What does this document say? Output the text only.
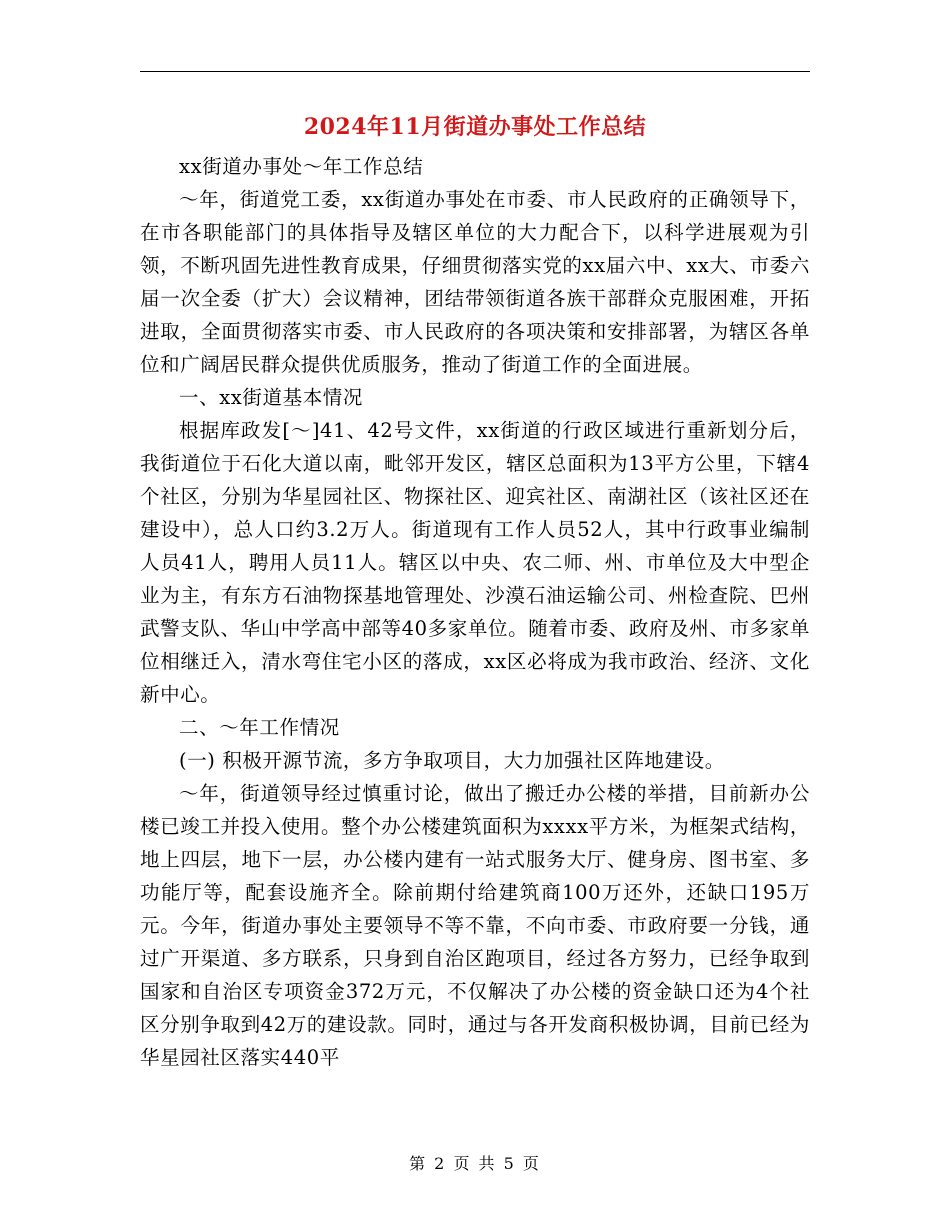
2024年11月街道办事处工作总结

xx街道办事处～年工作总结

～年，街道党工委，xx街道办事处在市委、市人民政府的正确领导下，在市各职能部门的具体指导及辖区单位的大力配合下，以科学进展观为引领，不断巩固先进性教育成果，仔细贯彻落实党的xx届六中、xx大、市委六届一次全委（扩大）会议精神，团结带领街道各族干部群众克服困难，开拓进取，全面贯彻落实市委、市人民政府的各项决策和安排部署，为辖区各单位和广阔居民群众提供优质服务，推动了街道工作的全面进展。

一、xx街道基本情况

根据库政发[～]41、42号文件，xx街道的行政区域进行重新划分后，我街道位于石化大道以南，毗邻开发区，辖区总面积为13平方公里，下辖4个社区，分别为华星园社区、物探社区、迎宾社区、南湖社区（该社区还在建设中），总人口约3.2万人。街道现有工作人员52人，其中行政事业编制人员41人，聘用人员11人。辖区以中央、农二师、州、市单位及大中型企业为主，有东方石油物探基地管理处、沙漠石油运输公司、州检查院、巴州武警支队、华山中学高中部等40多家单位。随着市委、政府及州、市多家单位相继迁入，清水弯住宅小区的落成，xx区必将成为我市政治、经济、文化新中心。

二、～年工作情况

(一) 积极开源节流，多方争取项目，大力加强社区阵地建设。

～年，街道领导经过慎重讨论，做出了搬迁办公楼的举措，目前新办公楼已竣工并投入使用。整个办公楼建筑面积为xxxx平方米，为框架式结构，地上四层，地下一层，办公楼内建有一站式服务大厅、健身房、图书室、多功能厅等，配套设施齐全。除前期付给建筑商100万还外，还缺口195万元。今年，街道办事处主要领导不等不靠，不向市委、市政府要一分钱，通过广开渠道、多方联系，只身到自治区跑项目，经过各方努力，已经争取到国家和自治区专项资金372万元，不仅解决了办公楼的资金缺口还为4个社区分别争取到42万的建设款。同时，通过与各开发商积极协调，目前已经为华星园社区落实440平

第 2 页 共 5 页
